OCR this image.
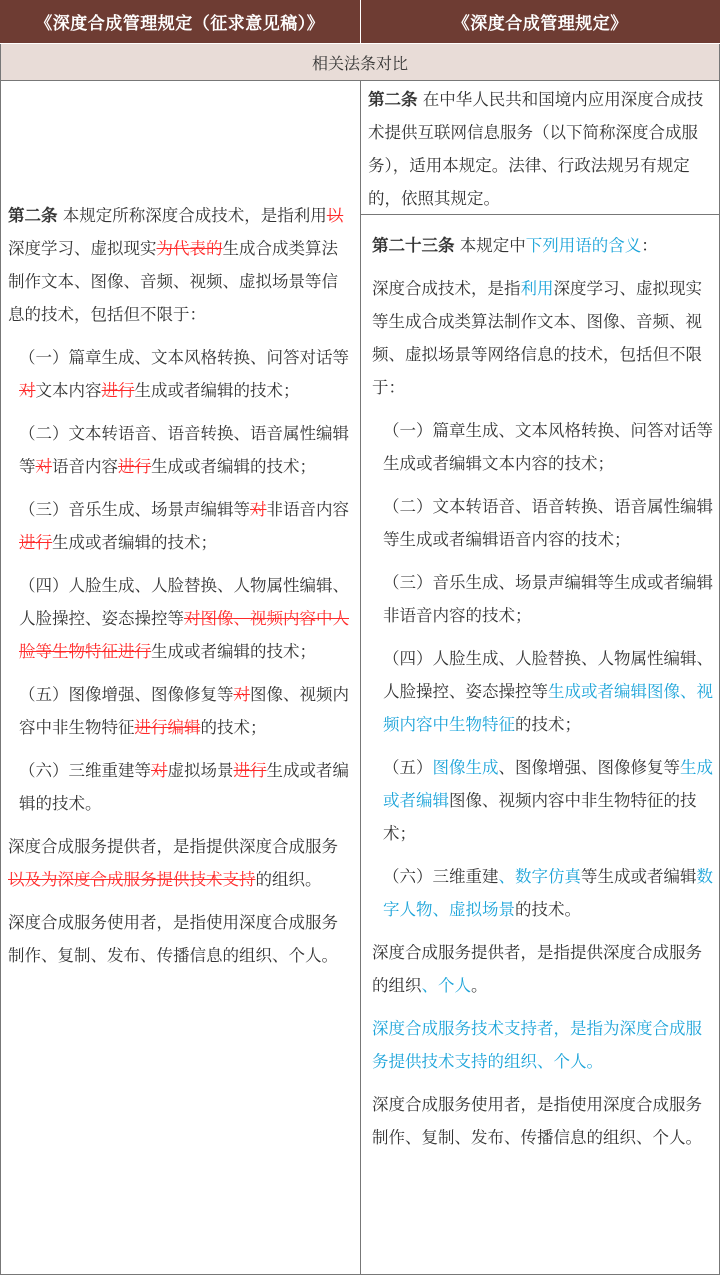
《深度合成管理规定（征求意见稿）》	《深度合成管理规定》
相关法条对比

第二条 本规定所称深度合成技术，是指利用以深度学习、虚拟现实为代表的生成合成类算法制作文本、图像、音频、视频、虚拟场景等信息的技术，包括但不限于：

（一）篇章生成、文本风格转换、问答对话等对文本内容进行生成或者编辑的技术；

（二）文本转语音、语音转换、语音属性编辑等对语音内容进行生成或者编辑的技术；

（三）音乐生成、场景声编辑等对非语音内容进行生成或者编辑的技术；

（四）人脸生成、人脸替换、人物属性编辑、人脸操控、姿态操控等对图像、视频内容中人脸等生物特征进行生成或者编辑的技术；

（五）图像增强、图像修复等对图像、视频内容中非生物特征进行编辑的技术；

（六）三维重建等对虚拟场景进行生成或者编辑的技术。

深度合成服务提供者，是指提供深度合成服务以及为深度合成服务提供技术支持的组织。

深度合成服务使用者，是指使用深度合成服务制作、复制、发布、传播信息的组织、个人。

第二条 在中华人民共和国境内应用深度合成技术提供互联网信息服务（以下简称深度合成服务），适用本规定。法律、行政法规另有规定的，依照其规定。

第二十三条 本规定中下列用语的含义：

深度合成技术，是指利用深度学习、虚拟现实等生成合成类算法制作文本、图像、音频、视频、虚拟场景等网络信息的技术，包括但不限于：

（一）篇章生成、文本风格转换、问答对话等生成或者编辑文本内容的技术；

（二）文本转语音、语音转换、语音属性编辑等生成或者编辑语音内容的技术；

（三）音乐生成、场景声编辑等生成或者编辑非语音内容的技术；

（四）人脸生成、人脸替换、人物属性编辑、人脸操控、姿态操控等生成或者编辑图像、视频内容中生物特征的技术；

（五）图像生成、图像增强、图像修复等生成或者编辑图像、视频内容中非生物特征的技术；

（六）三维重建、数字仿真等生成或者编辑数字人物、虚拟场景的技术。

深度合成服务提供者，是指提供深度合成服务的组织、个人。

深度合成服务技术支持者，是指为深度合成服务提供技术支持的组织、个人。

深度合成服务使用者，是指使用深度合成服务制作、复制、发布、传播信息的组织、个人。
